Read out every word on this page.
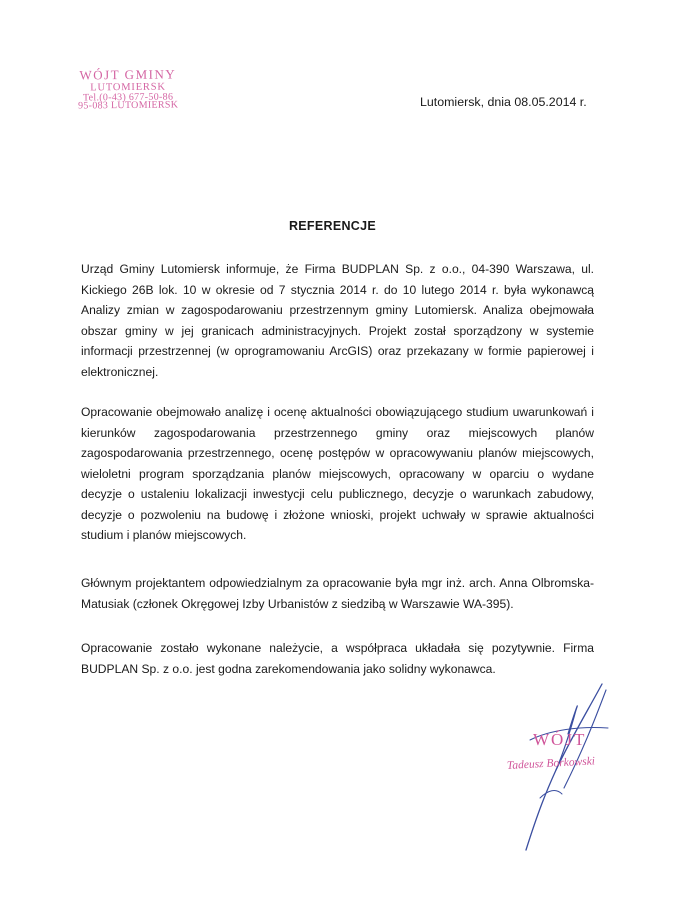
WÓJT GMINY
LUTOMIERSK
Tel.(0-43) 677-50-86
95-083 LUTOMIERSK	Lutomiersk, dnia 08.05.2014 r.
REFERENCJE

Urząd Gminy Lutomiersk informuje, że Firma BUDPLAN Sp. z o.o., 04-390 Warszawa, ul. Kickiego 26B lok. 10 w okresie od 7 stycznia 2014 r. do 10 lutego 2014 r. była wykonawcą Analizy zmian w zagospodarowaniu przestrzennym gminy Lutomiersk. Analiza obejmowała obszar gminy w jej granicach administracyjnych. Projekt został sporządzony w systemie informacji przestrzennej (w oprogramowaniu ArcGIS) oraz przekazany w formie papierowej i elektronicznej.

Opracowanie obejmowało analizę i ocenę aktualności obowiązującego studium uwarunkowań i kierunków zagospodarowania przestrzennego gminy oraz miejscowych planów zagospodarowania przestrzennego, ocenę postępów w opracowywaniu planów miejscowych, wieloletni program sporządzania planów miejscowych, opracowany w oparciu o wydane decyzje o ustaleniu lokalizacji inwestycji celu publicznego, decyzje o warunkach zabudowy, decyzje o pozwoleniu na budowę i złożone wnioski, projekt uchwały w sprawie aktualności studium i planów miejscowych.

Głównym projektantem odpowiedzialnym za opracowanie była mgr inż. arch. Anna Olbromska-Matusiak (członek Okręgowej Izby Urbanistów z siedzibą w Warszawie WA-395).

Opracowanie zostało wykonane należycie, a współpraca układała się pozytywnie. Firma BUDPLAN Sp. z o.o. jest godna zarekomendowania jako solidny wykonawca.

WÓJT
Tadeusz Borkowski
